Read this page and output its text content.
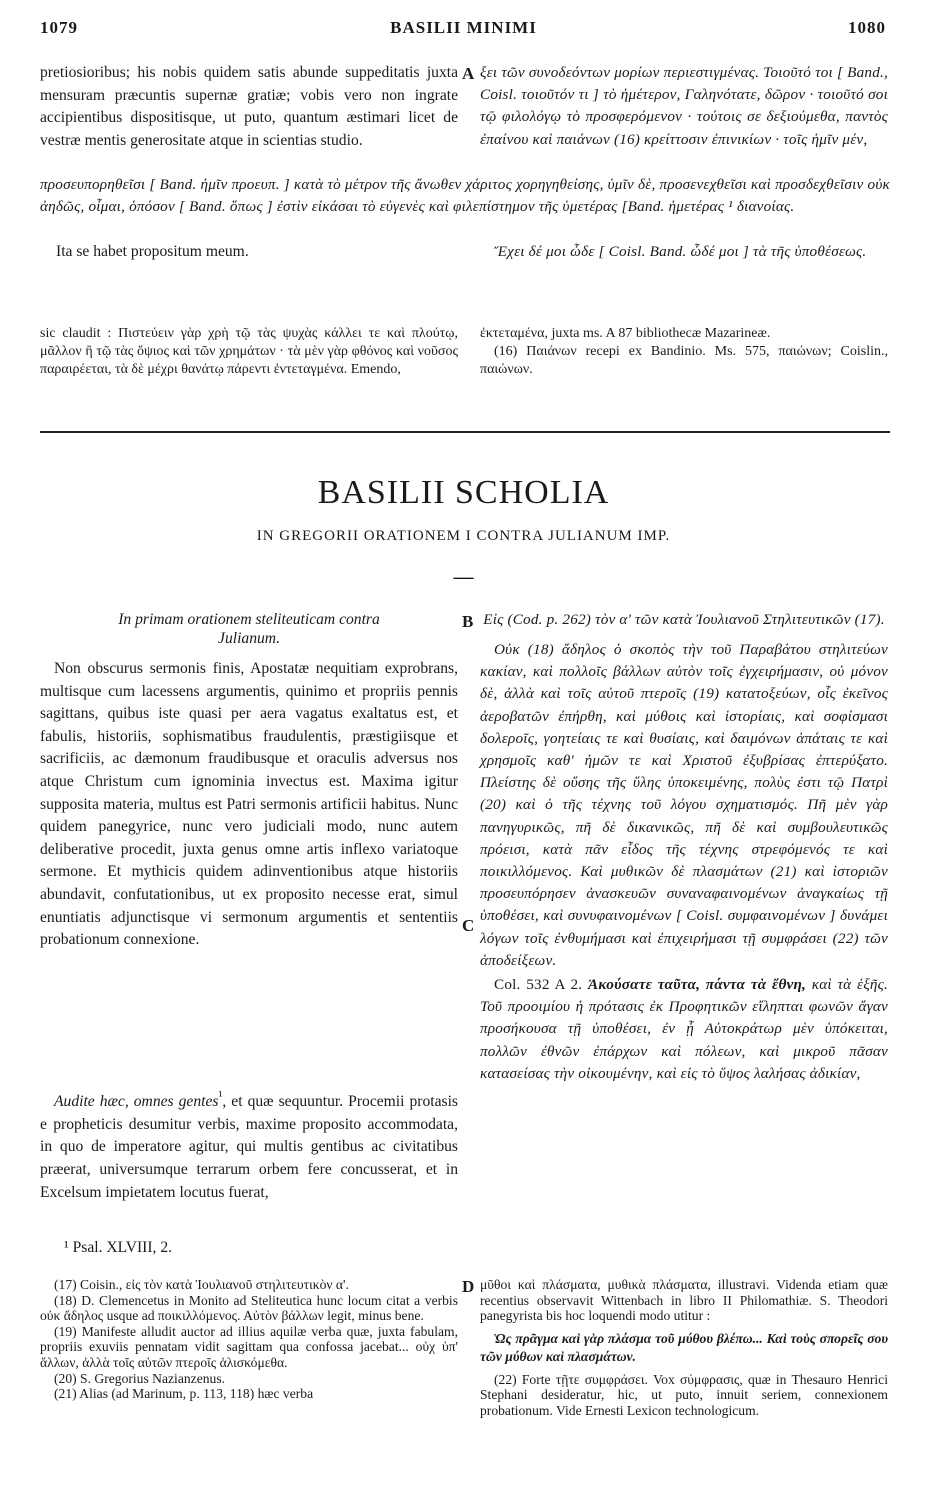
1079	BASILII MINIMI	1080

pretiosioribus; his nobis quidem satis abunde suppeditatis juxta mensuram præcuntis supernæ gratiæ; vobis vero non ingrate accipientibus dispositisque, ut puto, quantum æstimari licet de vestræ mentis generositate atque in scientias studio.

A ξει τῶν συνοδεόντων μορίων περιεστιγμένας. Τοιοῦτό τοι [ Band., Coisl. τοιοῦτόν τι ] τὸ ἡμέτερον, Γαληνότατε, δῶρον · τοιοῦτό σοι τῷ φιλολόγῳ τὸ προσφερόμενον · τούτοις σε δεξιούμεθα, παντὸς ἐπαίνου καὶ παιάνων (16) κρείττοσιν ἐπινικίων · τοῖς ἡμῖν μέν,

προσευπορηθεῖσι [ Band. ἡμῖν προευπ. ] κατὰ τὸ μέτρον τῆς ἄνωθεν χάριτος χορηγηθείσης, ὑμῖν δὲ, προσενεχθεῖσι καὶ προσδεχθεῖσιν οὐκ ἀηδῶς, οἶμαι, ὁπόσον [ Band. ὅπως ] ἐστὶν εἰκάσαι τὸ εὐγενὲς καὶ φιλεπίστημον τῆς ὑμετέρας [Band. ἡμετέρας ¹ διανοίας.

Ita se habet propositum meum.	Ἔχει δέ μοι ὧδε [ Coisl. Band. ὧδέ μοι ] τὰ τῆς ὑποθέσεως.

sic claudit : Πιστεύειν γὰρ χρὴ τῷ τὰς ψυχὰς κάλλει τε καὶ πλούτῳ, μᾶλλον ἢ τῷ τὰς ὄψιος καὶ τῶν χρημάτων · τὰ μὲν γὰρ φθόνος καὶ νοῦσος παραιρέεται, τὰ δὲ μέχρι θανάτῳ πάρεντι ἐντεταγμένα. Emendo,

ἐκτεταμένα, juxta ms. A 87 bibliothecæ Mazarineæ.

(16) Παιάνων recepi ex Bandinio. Ms. 575, παιώνων; Coislin., παιώνων.

BASILII SCHOLIA
IN GREGORII ORATIONEM I CONTRA JULIANUM IMP.
—

In primam orationem steliteuticam contra

Julianum.

Non obscurus sermonis finis, Apostatæ nequitiam exprobrans, multisque cum lacessens argumentis, quinimo et propriis pennis sagittans, quibus iste quasi per aera vagatus exaltatus est, et fabulis, historiis, sophismatibus fraudulentis, præstigiisque et sacrificiis, ac dæmonum fraudibusque et oraculis adversus nos atque Christum cum ignominia invectus est. Maxima igitur supposita materia, multus est Patri sermonis artificii habitus. Nunc quidem panegyrice, nunc vero judiciali modo, nunc autem deliberative procedit, juxta genus omne artis inflexo variatoque sermone. Et mythicis quidem adinventionibus atque historiis abundavit, confutationibus, ut ex proposito necesse erat, simul enuntiatis adjunctisque vi sermonum argumentis et sententiis probationum connexione.

Audite hæc, omnes gentes$^{^1}$, et quæ sequuntur. Procemii protasis e propheticis desumitur verbis, maxime proposito accommodata, in quo de imperatore agitur, qui multis gentibus ac civitatibus præerat, universumque terrarum orbem fere concusserat, et in Excelsum impietatem locutus fuerat,

¹ Psal. XLVIII, 2.

B
C
D

Εἰς (Cod. p. 262) τὸν α' τῶν κατὰ Ἰουλιανοῦ Στηλιτευτικῶν (17).

Οὐκ (18) ἄδηλος ὁ σκοπὸς τὴν τοῦ Παραβάτου στηλιτεύων κακίαν, καὶ πολλοῖς βάλλων αὐτὸν τοῖς ἐγχειρήμασιν, οὐ μόνον δὲ, ἀλλὰ καὶ τοῖς αὐτοῦ πτεροῖς (19) κατατοξεύων, οἷς ἐκεῖνος ἀεροβατῶν ἐπήρθη, καὶ μύθοις καὶ ἱστορίαις, καὶ σοφίσμασι δολεροῖς, γοητείαις τε καὶ θυσίαις, καὶ δαιμόνων ἀπάταις τε καὶ χρησμοῖς καθ' ἡμῶν τε καὶ Χριστοῦ ἐξυβρίσας ἐπτερύξατο. Πλείστης δὲ οὔσης τῆς ὕλης ὑποκειμένης, πολὺς ἐστι τῷ Πατρὶ (20) καὶ ὁ τῆς τέχνης τοῦ λόγου σχηματισμός. Πῆ μὲν γὰρ πανηγυρικῶς, πῆ δὲ δικανικῶς, πῆ δὲ καὶ συμβουλευτικῶς πρόεισι, κατὰ πᾶν εἶδος τῆς τέχνης στρεφόμενός τε καὶ ποικιλλόμενος. Καὶ μυθικῶν δὲ πλασμάτων (21) καὶ ἱστοριῶν προσευπόρησεν ἀνασκευῶν συναναφαινομένων ἀναγκαίως τῇ ὑποθέσει, καὶ συνυφαινομένων [ Coisl. συμφαινομένων ] δυνάμει λόγων τοῖς ἐνθυμήμασι καὶ ἐπιχειρήμασι τῇ συμφράσει (22) τῶν ἀποδείξεων.

Col. 532 A 2. Ἀκούσατε ταῦτα, πάντα τὰ ἔθνη, καὶ τὰ ἑξῆς. Τοῦ προοιμίου ἡ πρότασις ἐκ Προφητικῶν εἴληπται φωνῶν ἄγαν προσήκουσα τῇ ὑποθέσει, ἐν ᾗ Αὐτοκράτωρ μὲν ὑπόκειται, πολλῶν ἐθνῶν ἐπάρχων καὶ πόλεων, καὶ μικροῦ πᾶσαν κατασείσας τὴν οἰκουμένην, καὶ εἰς τὸ ὕψος λαλήσας ἀδικίαν,

(17) Coisin., εἰς τὸν κατὰ Ἰουλιανοῦ στηλιτευτικὸν α'.

(18) D. Clemencetus in Monito ad Steliteutica hunc locum citat a verbis οὐκ ἄδηλος usque ad ποικιλλόμενος. Αὐτὸν βάλλων legit, minus bene.

(19) Manifeste alludit auctor ad illius aquilæ verba quæ, juxta fabulam, propriis exuviis pennatam vidit sagittam qua confossa jacebat... οὐχ ὑπ' ἄλλων, ἀλλὰ τοῖς αὐτῶν πτεροῖς ἁλισκόμεθα.

(20) S. Gregorius Nazianzenus.

(21) Alias (ad Marinum, p. 113, 118) hæc verba

μῦθοι καὶ πλάσματα, μυθικὰ πλάσματα, illustravi. Videnda etiam quæ recentius observavit Wittenbach in libro II Philomathiæ. S. Theodori panegyrista bis hoc loquendi modo utitur :

Ὡς πρᾶγμα καὶ γὰρ πλάσμα τοῦ μύθου βλέπω... Καὶ τοὺς σπορεῖς σου τῶν μύθων καὶ πλασμάτων.

(22) Forte τῇτε συμφράσει. Vox σύμφρασις, quæ in Thesauro Henrici Stephani desideratur, hic, ut puto, innuit seriem, connexionem probationum. Vide Ernesti Lexicon technologicum.
